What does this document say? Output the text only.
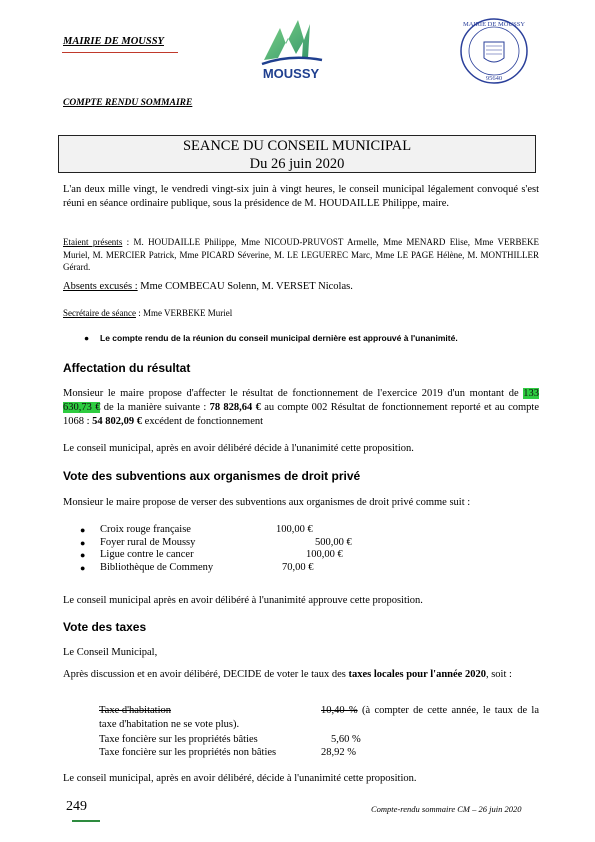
MAIRIE DE MOUSSY
MOUSSY
MAIRIE DE MOUSSY
95640
COMPTE RENDU SOMMAIRE
SEANCE DU CONSEIL MUNICIPAL
Du 26 juin 2020
L'an deux mille vingt, le vendredi vingt-six juin à vingt heures, le conseil municipal légalement convoqué s'est réuni en séance ordinaire publique, sous la présidence de M. HOUDAILLE Philippe, maire.
Etaient présents : M. HOUDAILLE Philippe, Mme NICOUD-PRUVOST Armelle, Mme MENARD Elise, Mme VERBEKE Muriel, M. MERCIER Patrick, Mme PICARD Séverine, M. LE LEGUEREC Marc, Mme LE PAGE Hélène, M. MONTHILLER Gérard.
Absents excusés : Mme COMBECAU Solenn, M. VERSET Nicolas.
Secrétaire de séance : Mme VERBEKE Muriel
● Le compte rendu de la réunion du conseil municipal dernière est approuvé à l'unanimité.
Affectation du résultat
Monsieur le maire propose d'affecter le résultat de fonctionnement de l'exercice 2019 d'un montant de 133 630,73 € de la manière suivante : 78 828,64 € au compte 002 Résultat de fonctionnement reporté et au compte 1068 : 54 802,09 € excédent de fonctionnement
Le conseil municipal, après en avoir délibéré décide à l'unanimité cette proposition.
Vote des subventions aux organismes de droit privé
Monsieur le maire propose de verser des subventions aux organismes de droit privé comme suit :
● Croix rouge française	100,00 €
● Foyer rural de Moussy	500,00 €
● Ligue contre le cancer	100,00 €
● Bibliothèque de Commeny	70,00 €
Le conseil municipal après en avoir délibéré à l'unanimité approuve cette proposition.
Vote des taxes
Le Conseil Municipal,
Après discussion et en avoir délibéré, DECIDE de voter le taux des taxes locales pour l'année 2020, soit :
Taxe d'habitation	10,40 % (à compter de cette année, le taux de la taxe d'habitation ne se vote plus).
Taxe foncière sur les propriétés bâties	5,60 %
Taxe foncière sur les propriétés non bâties	28,92 %
Le conseil municipal, après en avoir délibéré, décide à l'unanimité cette proposition.
249	Compte-rendu sommaire CM – 26 juin 2020
